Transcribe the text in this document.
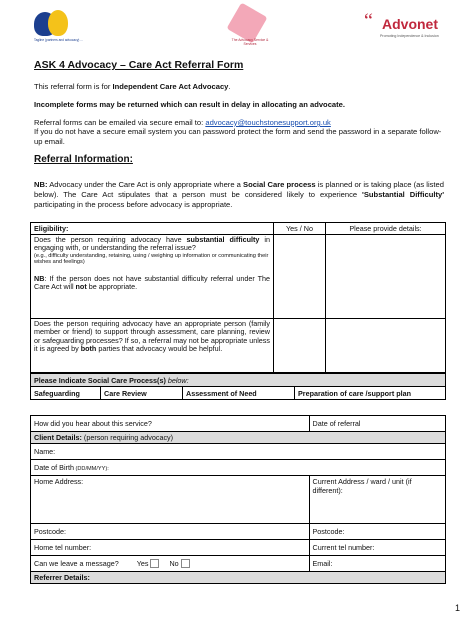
Tagline (partners and advocacy) ...	The Advocacy Service & Services
“ Advonet
Promoting Independence & Inclusion
ASK 4 Advocacy – Care Act Referral Form
This referral form is for Independent Care Act Advocacy.
Incomplete forms may be returned which can result in delay in allocating an advocate.
Referral forms can be emailed via secure email to: advocacy@touchstonesupport.org.uk
If you do not have a secure email system you can password protect the form and send the password in a separate follow-up email.
Referral Information:
NB: Advocacy under the Care Act is only appropriate where a Social Care process is planned or is taking place (as listed below). The Care Act stipulates that a person must be considered likely to experience 'Substantial Difficulty' participating in the process before advocacy is appropriate.
Eligibility:	Yes / No	Please provide details:

Does the person requiring advocacy have substantial difficulty in engaging with, or understanding the referral issue?
(e.g., difficulty understanding, retaining, using / weighing up information or communicating their wishes and feelings)
NB: If the person does not have substantial difficulty referral under The Care Act will not be appropriate.		

Does the person requiring advocacy have an appropriate person (family member or friend) to support through assessment, care planning, review or safeguarding processes? If so, a referral may not be appropriate unless it is agreed by both parties that advocacy would be helpful.		

Please Indicate Social Care Process(s) below:
Safeguarding	Care Review	Assessment of Need	Preparation of care /support plan
How did you hear about this service?	Date of referral
Client Details: (person requiring advocacy)	
Name:	
Date of Birth (DD/MM/YY):	
Home Address:	Current Address / ward / unit (if different):
Postcode:	Postcode:
Home tel number:	Current tel number:
Can we leave a message? Yes No	Email:
Referrer Details:	
1
